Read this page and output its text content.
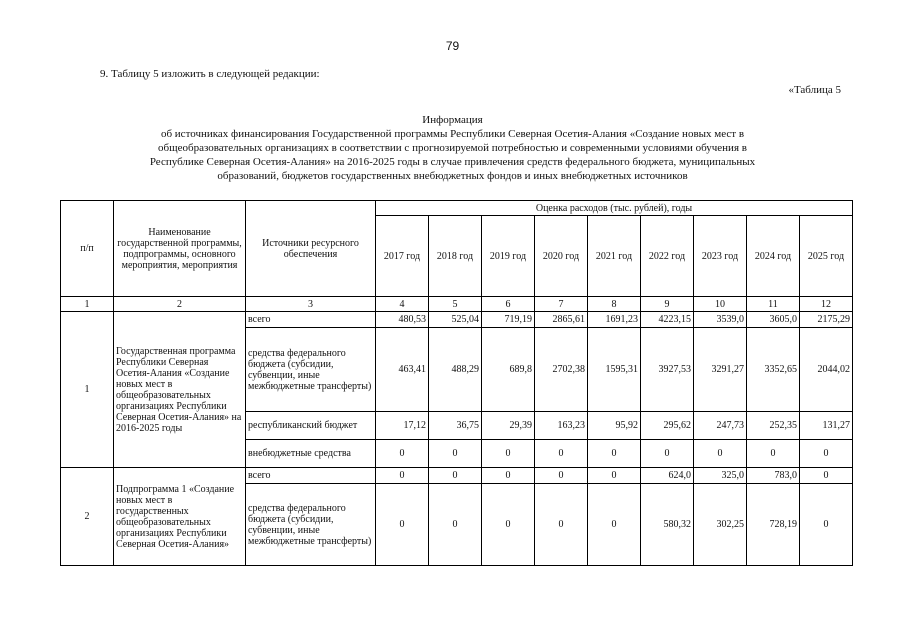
79
9. Таблицу 5 изложить в следующей редакции:
«Таблица 5
Информация
об источниках финансирования Государственной программы Республики Северная Осетия-Алания «Создание новых мест в
общеобразовательных организациях в соответствии с прогнозируемой потребностью и современными условиями обучения в
Республике Северная Осетия-Алания» на 2016-2025 годы в случае привлечения средств федерального бюджета, муниципальных
образований, бюджетов государственных внебюджетных фондов и иных внебюджетных источников
п/п	Наименование государственной программы, подпрограммы, основного мероприятия, мероприятия	Источники ресурсного обеспечения	Оценка расходов (тыс. рублей), годы								
			2017 год	2018 год	2019 год	2020 год	2021 год	2022 год	2023 год	2024 год	2025 год
1	2	3	4	5	6	7	8	9	10	11	12
1	Государственная программа Республики Северная Осетия-Алания «Создание новых мест в общеобразовательных организациях Республики Северная Осетия-Алания» на 2016-2025 годы	всего	480,53	525,04	719,19	2865,61	1691,23	4223,15	3539,0	3605,0	2175,29
		средства федерального бюджета (субсидии, субвенции, иные межбюджетные трансферты)	463,41	488,29	689,8	2702,38	1595,31	3927,53	3291,27	3352,65	2044,02
		республиканский бюджет	17,12	36,75	29,39	163,23	95,92	295,62	247,73	252,35	131,27
		внебюджетные средства	0	0	0	0	0	0	0	0	0
2	Подпрограмма 1 «Создание новых мест в государственных общеобразовательных организациях Республики Северная Осетия-Алания»	всего	0	0	0	0	0	624,0	325,0	783,0	0
		средства федерального бюджета (субсидии, субвенции, иные межбюджетные трансферты)	0	0	0	0	0	580,32	302,25	728,19	0
